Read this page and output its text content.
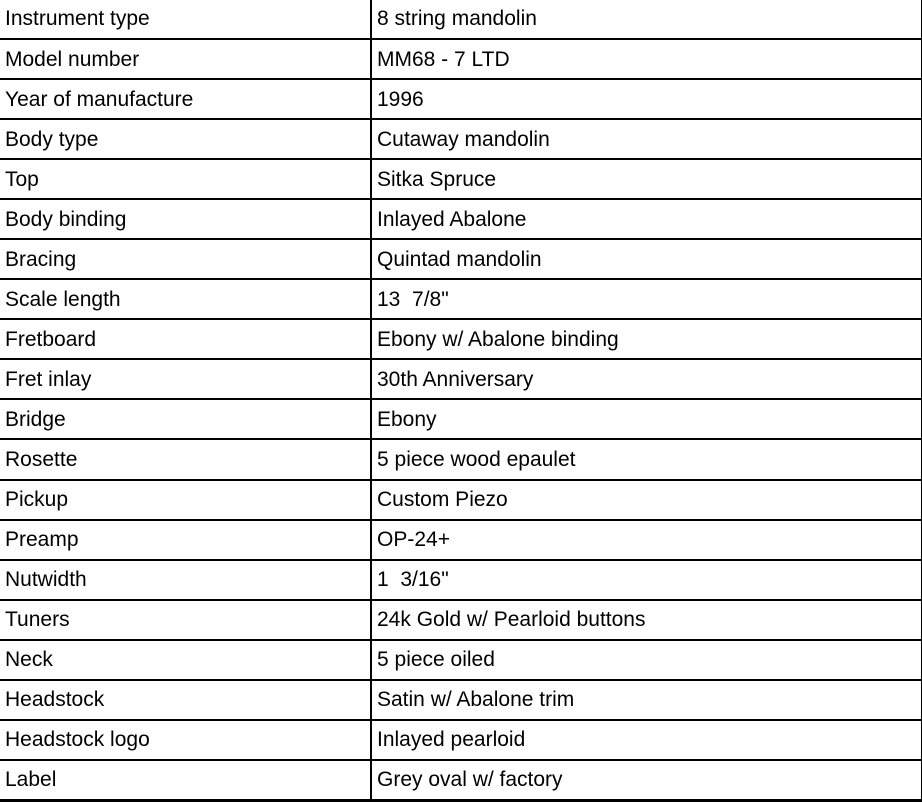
Instrument type	8 string mandolin
Model number	MM68 - 7 LTD
Year of manufacture	1996
Body type	Cutaway mandolin
Top	Sitka Spruce
Body binding	Inlayed Abalone
Bracing	Quintad mandolin
Scale length	13  7/8"
Fretboard	Ebony w/ Abalone binding
Fret inlay	30th Anniversary
Bridge	Ebony
Rosette	5 piece wood epaulet
Pickup	Custom Piezo
Preamp	OP-24+
Nutwidth	1  3/16"
Tuners	24k Gold w/ Pearloid buttons
Neck	5 piece oiled
Headstock	Satin w/ Abalone trim
Headstock logo	Inlayed pearloid
Label	Grey oval w/ factory
